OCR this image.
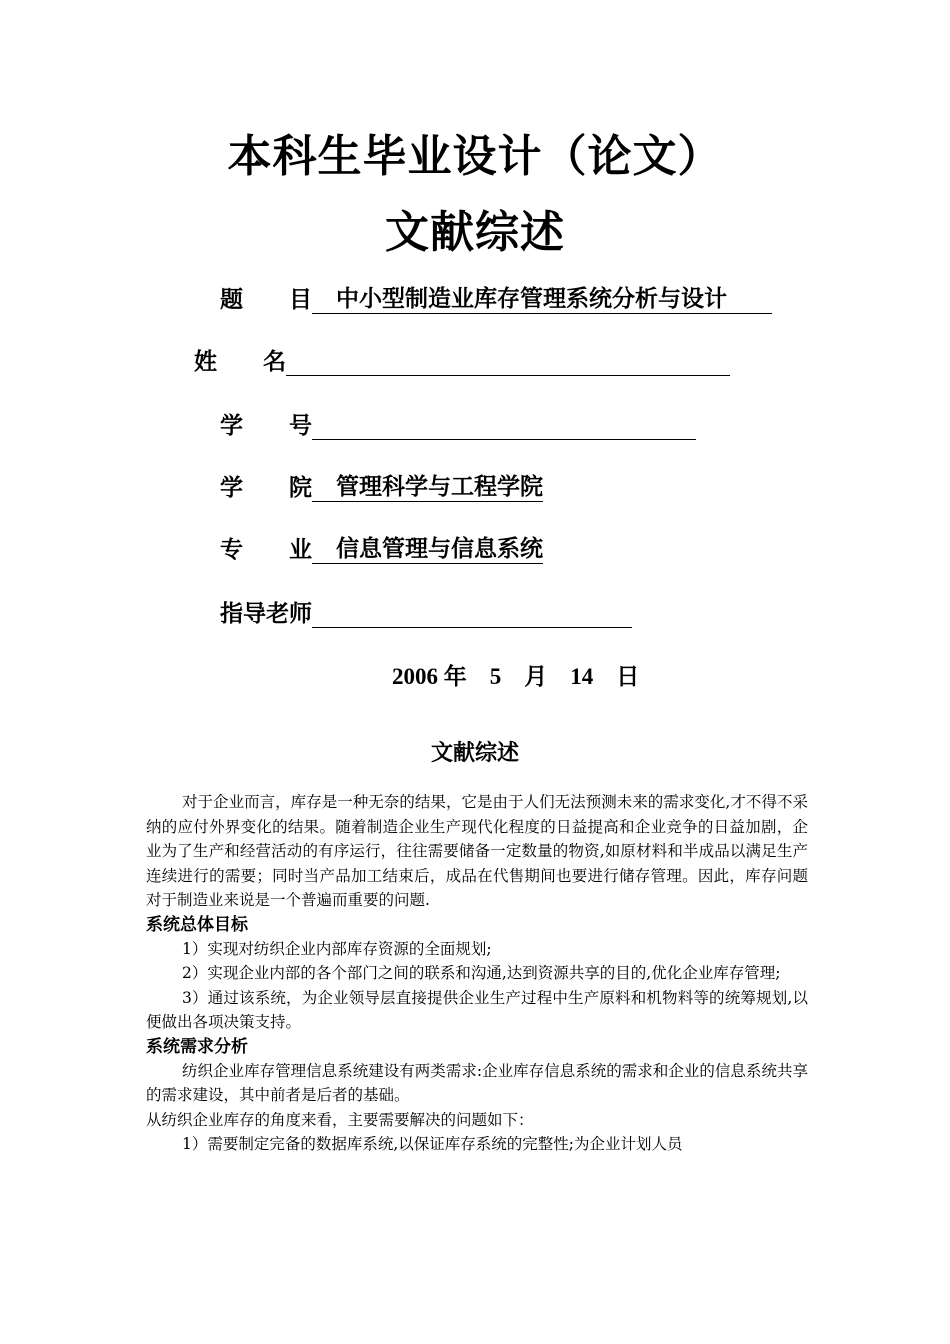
本科生毕业设计（论文）
文献综述
题　　目	中小型制造业库存管理系统分析与设计
姓　　名
学　　号
学　　院	管理科学与工程学院
专　　业	信息管理与信息系统
指导老师
2006 年 5 月 14 日
文献综述

对于企业而言，库存是一种无奈的结果，它是由于人们无法预测未来的需求变化,才不得不采纳的应付外界变化的结果。随着制造企业生产现代化程度的日益提高和企业竞争的日益加剧，企业为了生产和经营活动的有序运行，往往需要储备一定数量的物资,如原材料和半成品以满足生产连续进行的需要；同时当产品加工结束后，成品在代售期间也要进行储存管理。因此，库存问题对于制造业来说是一个普遍而重要的问题.

系统总体目标

1）实现对纺织企业内部库存资源的全面规划;

2）实现企业内部的各个部门之间的联系和沟通,达到资源共享的目的,优化企业库存管理;

3）通过该系统，为企业领导层直接提供企业生产过程中生产原料和机物料等的统筹规划,以便做出各项决策支持。

系统需求分析

纺织企业库存管理信息系统建设有两类需求:企业库存信息系统的需求和企业的信息系统共享的需求建设，其中前者是后者的基础。

从纺织企业库存的角度来看，主要需要解决的问题如下：

1）需要制定完备的数据库系统,以保证库存系统的完整性;为企业计划人员
